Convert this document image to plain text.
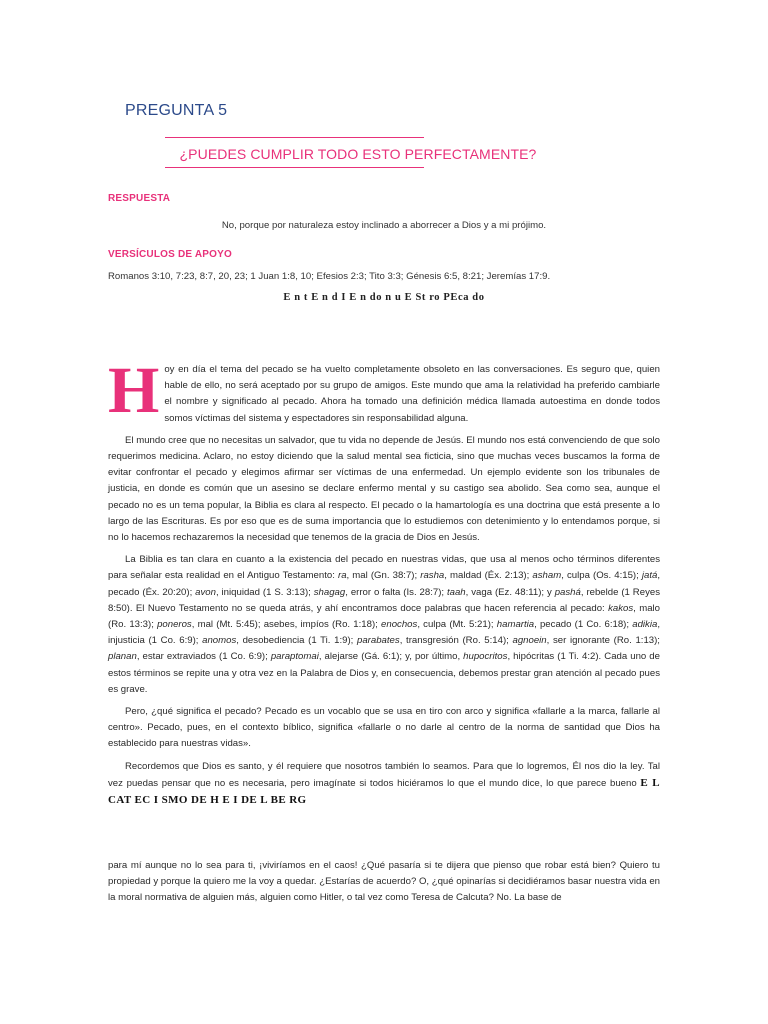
PREGUNTA 5
¿PUEDES CUMPLIR TODO ESTO PERFECTAMENTE?
RESPUESTA
No, porque por naturaleza estoy inclinado a aborrecer a Dios y a mi prójimo.
VERSÍCULOS DE APOYO
Romanos 3:10, 7:23, 8:7, 20, 23; 1 Juan 1:8, 10; Efesios 2:3; Tito 3:3; Génesis 6:5, 8:21; Jeremías 17:9.
E n t E n d I E n do n u E St ro PEca do

Hoy en día el tema del pecado se ha vuelto completamente obsoleto en las conversaciones. Es seguro que, quien hable de ello, no será aceptado por su grupo de amigos. Este mundo que ama la relatividad ha preferido cambiarle el nombre y significado al pecado. Ahora ha tomado una definición médica llamada autoestima en donde todos somos víctimas del sistema y espectadores sin responsabilidad alguna.

El mundo cree que no necesitas un salvador, que tu vida no depende de Jesús. El mundo nos está convenciendo de que solo requerimos medicina. Aclaro, no estoy diciendo que la salud mental sea ficticia, sino que muchas veces buscamos la forma de evitar confrontar el pecado y elegimos afirmar ser víctimas de una enfermedad. Un ejemplo evidente son los tribunales de justicia, en donde es común que un asesino se declare enfermo mental y su castigo sea abolido. Sea como sea, aunque el pecado no es un tema popular, la Biblia es clara al respecto. El pecado o la hamartología es una doctrina que está presente a lo largo de las Escrituras. Es por eso que es de suma importancia que lo estudiemos con detenimiento y lo entendamos porque, si no lo hacemos rechazaremos la necesidad que tenemos de la gracia de Dios en Jesús.

La Biblia es tan clara en cuanto a la existencia del pecado en nuestras vidas, que usa al menos ocho términos diferentes para señalar esta realidad en el Antiguo Testamento: ra, mal (Gn. 38:7); rasha, maldad (Éx. 2:13); asham, culpa (Os. 4:15); jatá, pecado (Éx. 20:20); avon, iniquidad (1 S. 3:13); shagag, error o falta (Is. 28:7); taah, vaga (Ez. 48:11); y pashá, rebelde (1 Reyes 8:50). El Nuevo Testamento no se queda atrás, y ahí encontramos doce palabras que hacen referencia al pecado: kakos, malo (Ro. 13:3); poneros, mal (Mt. 5:45); asebes, impíos (Ro. 1:18); enochos, culpa (Mt. 5:21); hamartia, pecado (1 Co. 6:18); adikia, injusticia (1 Co. 6:9); anomos, desobediencia (1 Ti. 1:9); parabates, transgresión (Ro. 5:14); agnoein, ser ignorante (Ro. 1:13); planan, estar extraviados (1 Co. 6:9); paraptomai, alejarse (Gá. 6:1); y, por último, hupocritos, hipócritas (1 Ti. 4:2). Cada uno de estos términos se repite una y otra vez en la Palabra de Dios y, en consecuencia, debemos prestar gran atención al pecado pues es grave.

Pero, ¿qué significa el pecado? Pecado es un vocablo que se usa en tiro con arco y significa «fallarle a la marca, fallarle al centro». Pecado, pues, en el contexto bíblico, significa «fallarle o no darle al centro de la norma de santidad que Dios ha establecido para nuestras vidas».

Recordemos que Dios es santo, y él requiere que nosotros también lo seamos. Para que lo logremos, Él nos dio la ley. Tal vez puedas pensar que no es necesaria, pero imagínate si todos hiciéramos lo que el mundo dice, lo que parece bueno E L CAT EC I SMO DE H E I DE L BE RG

para mí aunque no lo sea para ti, ¡viviríamos en el caos! ¿Qué pasaría si te dijera que pienso que robar está bien? Quiero tu propiedad y porque la quiero me la voy a quedar. ¿Estarías de acuerdo? O, ¿qué opinarías si decidiéramos basar nuestra vida en la moral normativa de alguien más, alguien como Hitler, o tal vez como Teresa de Calcuta? No. La base de
